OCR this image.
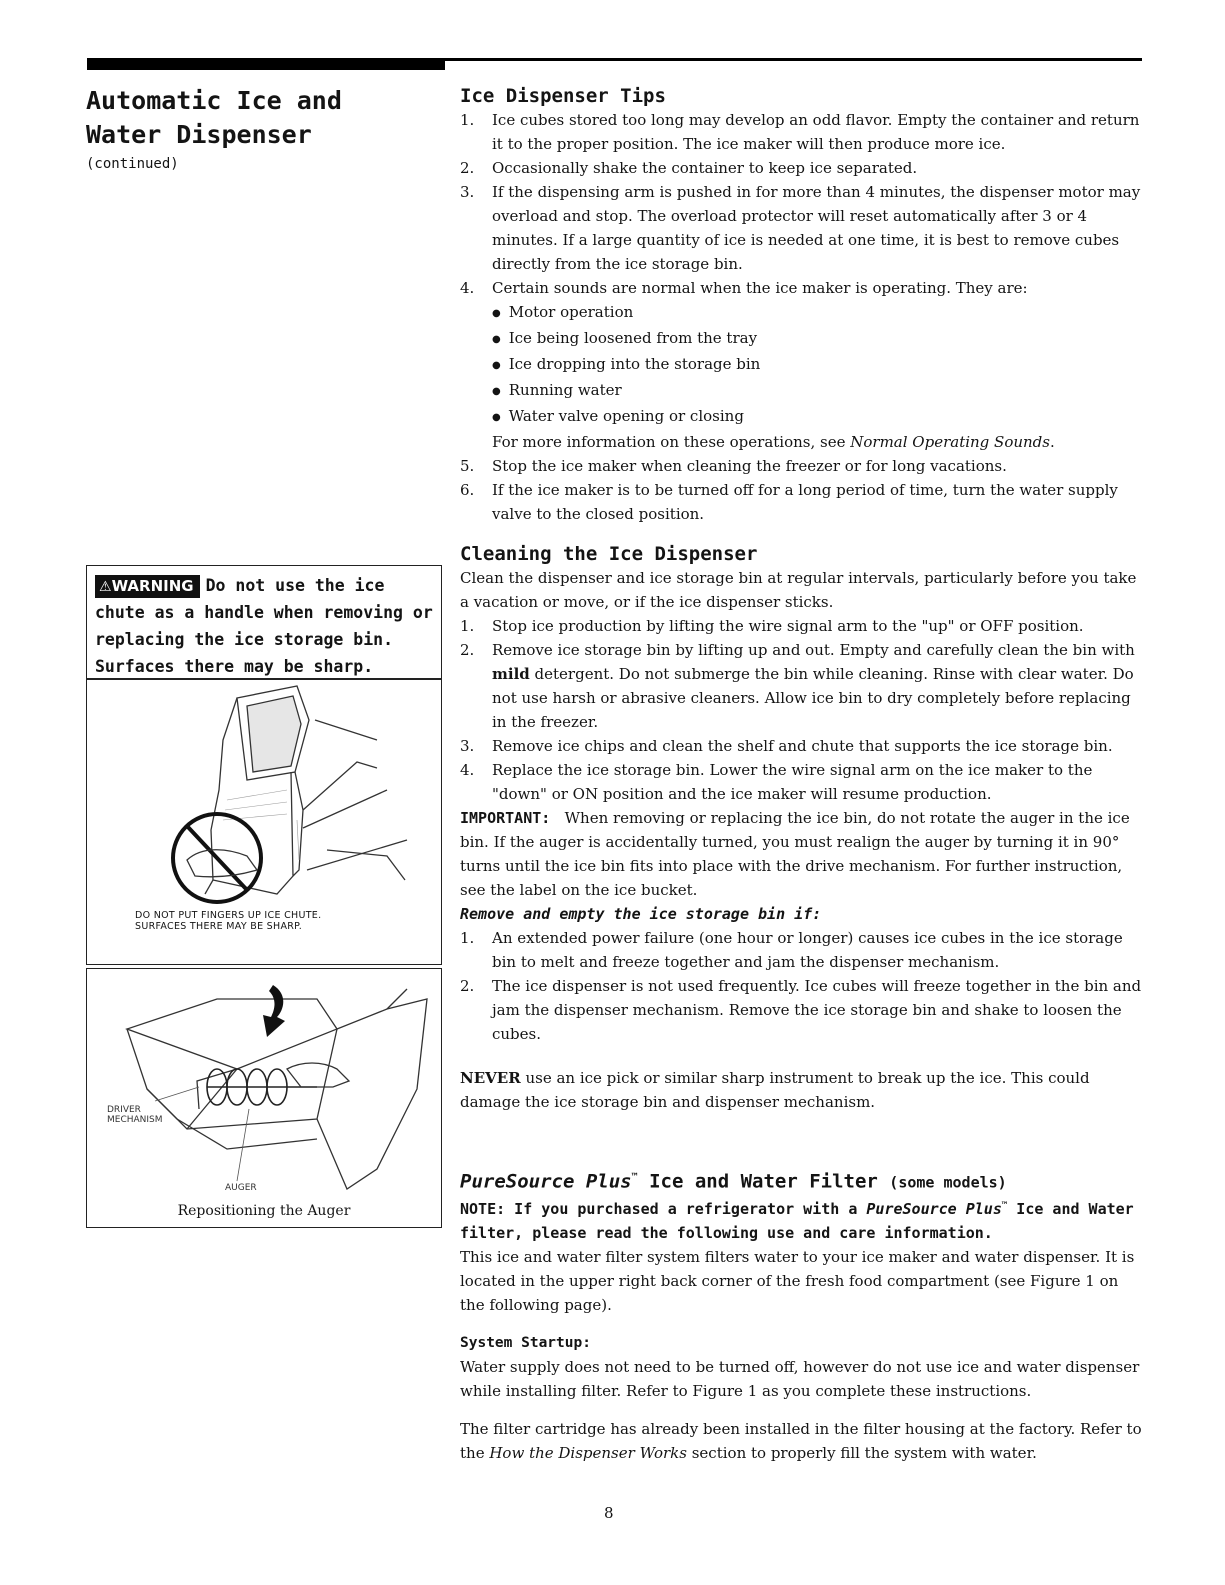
Automatic Ice and
Water Dispenser
(continued)
⚠WARNING Do not use the ice chute as a handle when removing or replacing the ice storage bin. Surfaces there may be sharp.
DO NOT PUT FINGERS UP ICE CHUTE.
SURFACES THERE MAY BE SHARP.
DRIVER
MECHANISM
AUGER
Repositioning the Auger
Ice Dispenser Tips
1. Ice cubes stored too long may develop an odd flavor. Empty the container and return it to the proper position. The ice maker will then produce more ice.
2. Occasionally shake the container to keep ice separated.
3. If the dispensing arm is pushed in for more than 4 minutes, the dispenser motor may overload and stop. The overload protector will reset automatically after 3 or 4 minutes. If a large quantity of ice is needed at one time, it is best to remove cubes directly from the ice storage bin.
4. Certain sounds are normal when the ice maker is operating. They are:
● Motor operation
● Ice being loosened from the tray
● Ice dropping into the storage bin
● Running water
● Water valve opening or closing
For more information on these operations, see Normal Operating Sounds.
5. Stop the ice maker when cleaning the freezer or for long vacations.
6. If the ice maker is to be turned off for a long period of time, turn the water supply valve to the closed position.
Cleaning the Ice Dispenser

Clean the dispenser and ice storage bin at regular intervals, particularly before you take a vacation or move, or if the ice dispenser sticks.

1. Stop ice production by lifting the wire signal arm to the "up" or OFF position.
2. Remove ice storage bin by lifting up and out. Empty and carefully clean the bin with mild detergent. Do not submerge the bin while cleaning. Rinse with clear water. Do not use harsh or abrasive cleaners. Allow ice bin to dry completely before replacing in the freezer.
3. Remove ice chips and clean the shelf and chute that supports the ice storage bin.
4. Replace the ice storage bin. Lower the wire signal arm on the ice maker to the "down" or ON position and the ice maker will resume production.

IMPORTANT: When removing or replacing the ice bin, do not rotate the auger in the ice bin. If the auger is accidentally turned, you must realign the auger by turning it in 90° turns until the ice bin fits into place with the drive mechanism. For further instruction, see the label on the ice bucket.

Remove and empty the ice storage bin if:

1. An extended power failure (one hour or longer) causes ice cubes in the ice storage bin to melt and freeze together and jam the dispenser mechanism.
2. The ice dispenser is not used frequently. Ice cubes will freeze together in the bin and jam the dispenser mechanism. Remove the ice storage bin and shake to loosen the cubes.

NEVER use an ice pick or similar sharp instrument to break up the ice. This could damage the ice storage bin and dispenser mechanism.

PureSource Plus™ Ice and Water Filter (some models)

NOTE: If you purchased a refrigerator with a PureSource Plus™ Ice and Water filter, please read the following use and care information.

This ice and water filter system filters water to your ice maker and water dispenser. It is located in the upper right back corner of the fresh food compartment (see Figure 1 on the following page).

System Startup:

Water supply does not need to be turned off, however do not use ice and water dispenser while installing filter. Refer to Figure 1 as you complete these instructions.

The filter cartridge has already been installed in the filter housing at the factory. Refer to the How the Dispenser Works section to properly fill the system with water.

8
